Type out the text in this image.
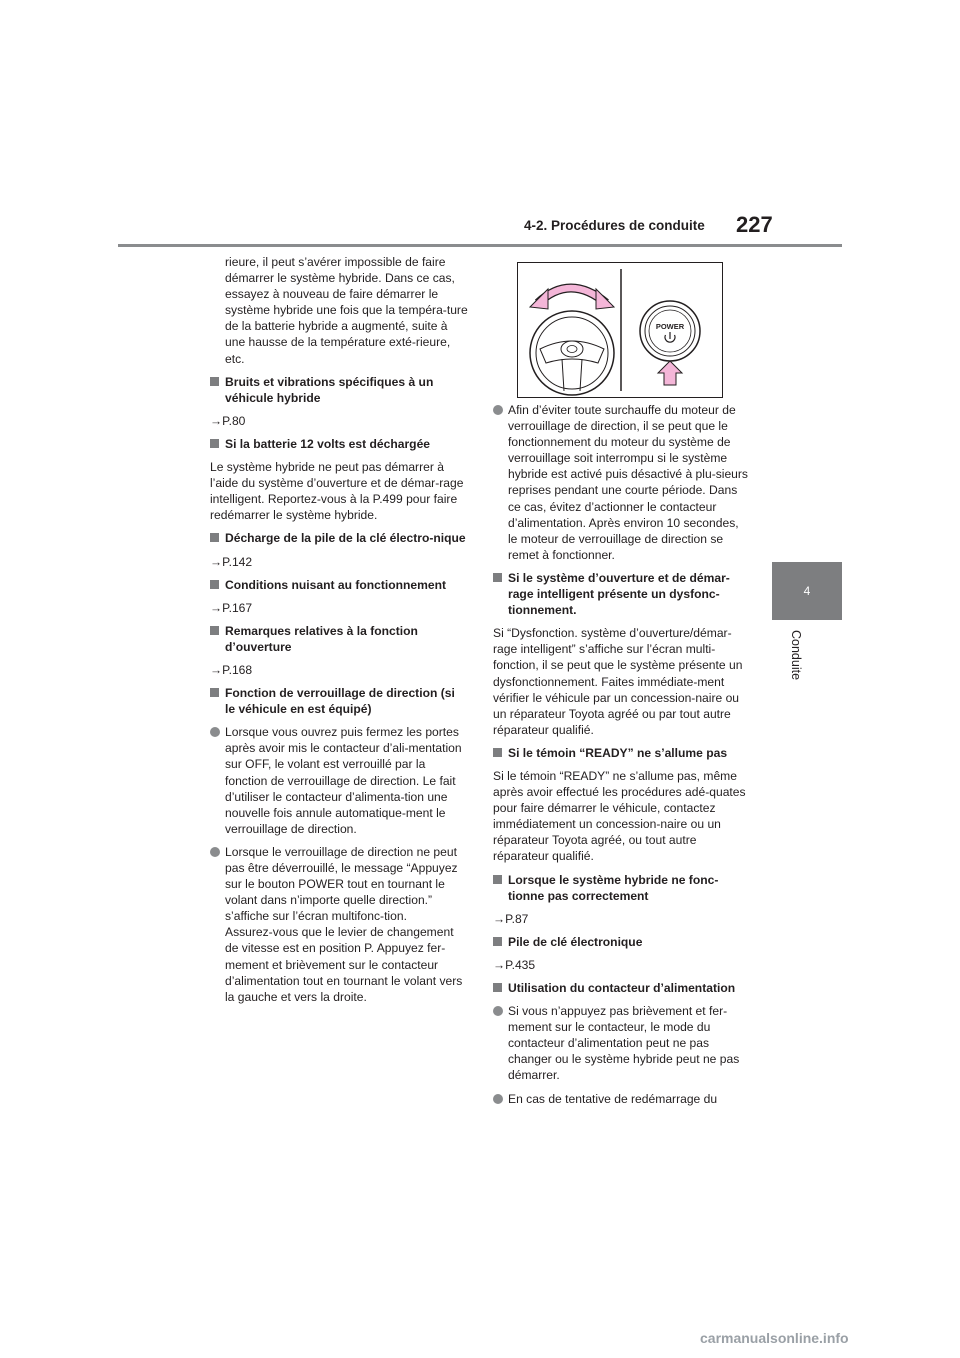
4-2. Procédures de conduite 227
4
Conduite

rieure, il peut s’avérer impossible de faire démarrer le système hybride. Dans ce cas, essayez à nouveau de faire démarrer le système hybride une fois que la tempéra-ture de la batterie hybride a augmenté, suite à une hausse de la température exté-rieure, etc.

Bruits et vibrations spécifiques à un véhicule hybride

→P.80

Si la batterie 12 volts est déchargée

Le système hybride ne peut pas démarrer à l’aide du système d’ouverture et de démar-rage intelligent. Reportez-vous à la P.499 pour faire redémarrer le système hybride.

Décharge de la pile de la clé électro-nique

→P.142

Conditions nuisant au fonctionnement

→P.167

Remarques relatives à la fonction d’ouverture

→P.168

Fonction de verrouillage de direction (si le véhicule en est équipé)
Lorsque vous ouvrez puis fermez les portes après avoir mis le contacteur d’ali-mentation sur OFF, le volant est verrouillé par la fonction de verrouillage de direction. Le fait d’utiliser le contacteur d’alimenta-tion une nouvelle fois annule automatique-ment le verrouillage de direction.
Lorsque le verrouillage de direction ne peut pas être déverrouillé, le message “Appuyez sur le bouton POWER tout en tournant le volant dans n’importe quelle direction.” s’affiche sur l’écran multifonc-tion.

Assurez-vous que le levier de changement de vitesse est en position P. Appuyez fer-mement et brièvement sur le contacteur d’alimentation tout en tournant le volant vers la gauche et vers la droite.

POWER
Afin d’éviter toute surchauffe du moteur de verrouillage de direction, il se peut que le fonctionnement du moteur du système de verrouillage soit interrompu si le système hybride est activé puis désactivé à plu-sieurs reprises pendant une courte période. Dans ce cas, évitez d’actionner le contacteur d’alimentation. Après environ 10 secondes, le moteur de verrouillage de direction se remet à fonctionner.
Si le système d’ouverture et de démar-rage intelligent présente un dysfonc-tionnement.

Si “Dysfonction. système d’ouverture/démar-rage intelligent” s’affiche sur l’écran multi-fonction, il se peut que le système présente un dysfonctionnement. Faites immédiate-ment vérifier le véhicule par un concession-naire ou un réparateur Toyota agréé ou par tout autre réparateur qualifié.

Si le témoin “READY” ne s’allume pas

Si le témoin “READY” ne s’allume pas, même après avoir effectué les procédures adé-quates pour faire démarrer le véhicule, contactez immédiatement un concession-naire ou un réparateur Toyota agréé, ou tout autre réparateur qualifié.

Lorsque le système hybride ne fonc-tionne pas correctement

→P.87

Pile de clé électronique

→P.435

Utilisation du contacteur d’alimentation
Si vous n’appuyez pas brièvement et fer-mement sur le contacteur, le mode du contacteur d’alimentation peut ne pas changer ou le système hybride peut ne pas démarrer.
En cas de tentative de redémarrage du
carmanualsonline.info
